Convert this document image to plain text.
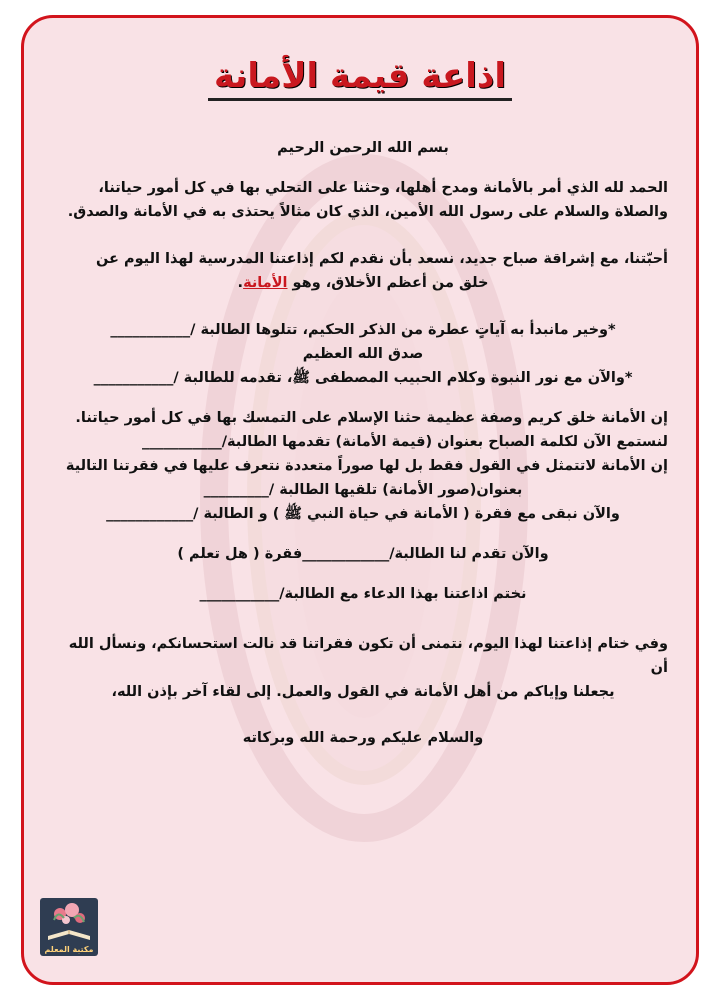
اذاعة قيمة الأمانة

بسم الله الرحمن الرحيم

الحمد لله الذي أمر بالأمانة ومدح أهلها، وحثنا على التحلي بها في كل أمور حياتنا،

والصلاة والسلام على رسول الله الأمين، الذي كان مثالاً يحتذى به في الأمانة والصدق.

أحبّتنا، مع إشراقة صباح جديد، نسعد بأن نقدم لكم إذاعتنا المدرسية لهذا اليوم عن

خلق من أعظم الأخلاق، وهو الأمانة.

*وخير مانبدأ به آياتٍ عطرة من الذكر الحكيم، تتلوها الطالبة /___________

صدق الله العظيم

*والآن مع نور النبوة وكلام الحبيب المصطفى ﷺ، تقدمه للطالبة /___________

إن الأمانة خلق كريم وصفة عظيمة حثنا الإسلام على التمسك بها في كل أمور حياتنا.

لنستمع الآن لكلمة الصباح بعنوان (قيمة الأمانة) تقدمها الطالبة/___________

إن الأمانة لاتتمثل في القول فقط بل لها صوراً متعددة نتعرف عليها في فقرتنا التالية

بعنوان(صور الأمانة) تلقيها الطالبة /_________

والآن نبقى مع فقرة ( الأمانة في حياة النبي ﷺ ) و الطالبة /____________

والآن تقدم لنا الطالبة/____________فقرة ( هل تعلم )

نختم اذاعتنا بهذا الدعاء مع الطالبة/___________

وفي ختام إذاعتنا لهذا اليوم، نتمنى أن تكون فقراتنا قد نالت استحسانكم، ونسأل الله أن

يجعلنا وإياكم من أهل الأمانة في القول والعمل. إلى لقاء آخر بإذن الله،

والسلام عليكم ورحمة الله وبركاته

مكتبة المعلم
